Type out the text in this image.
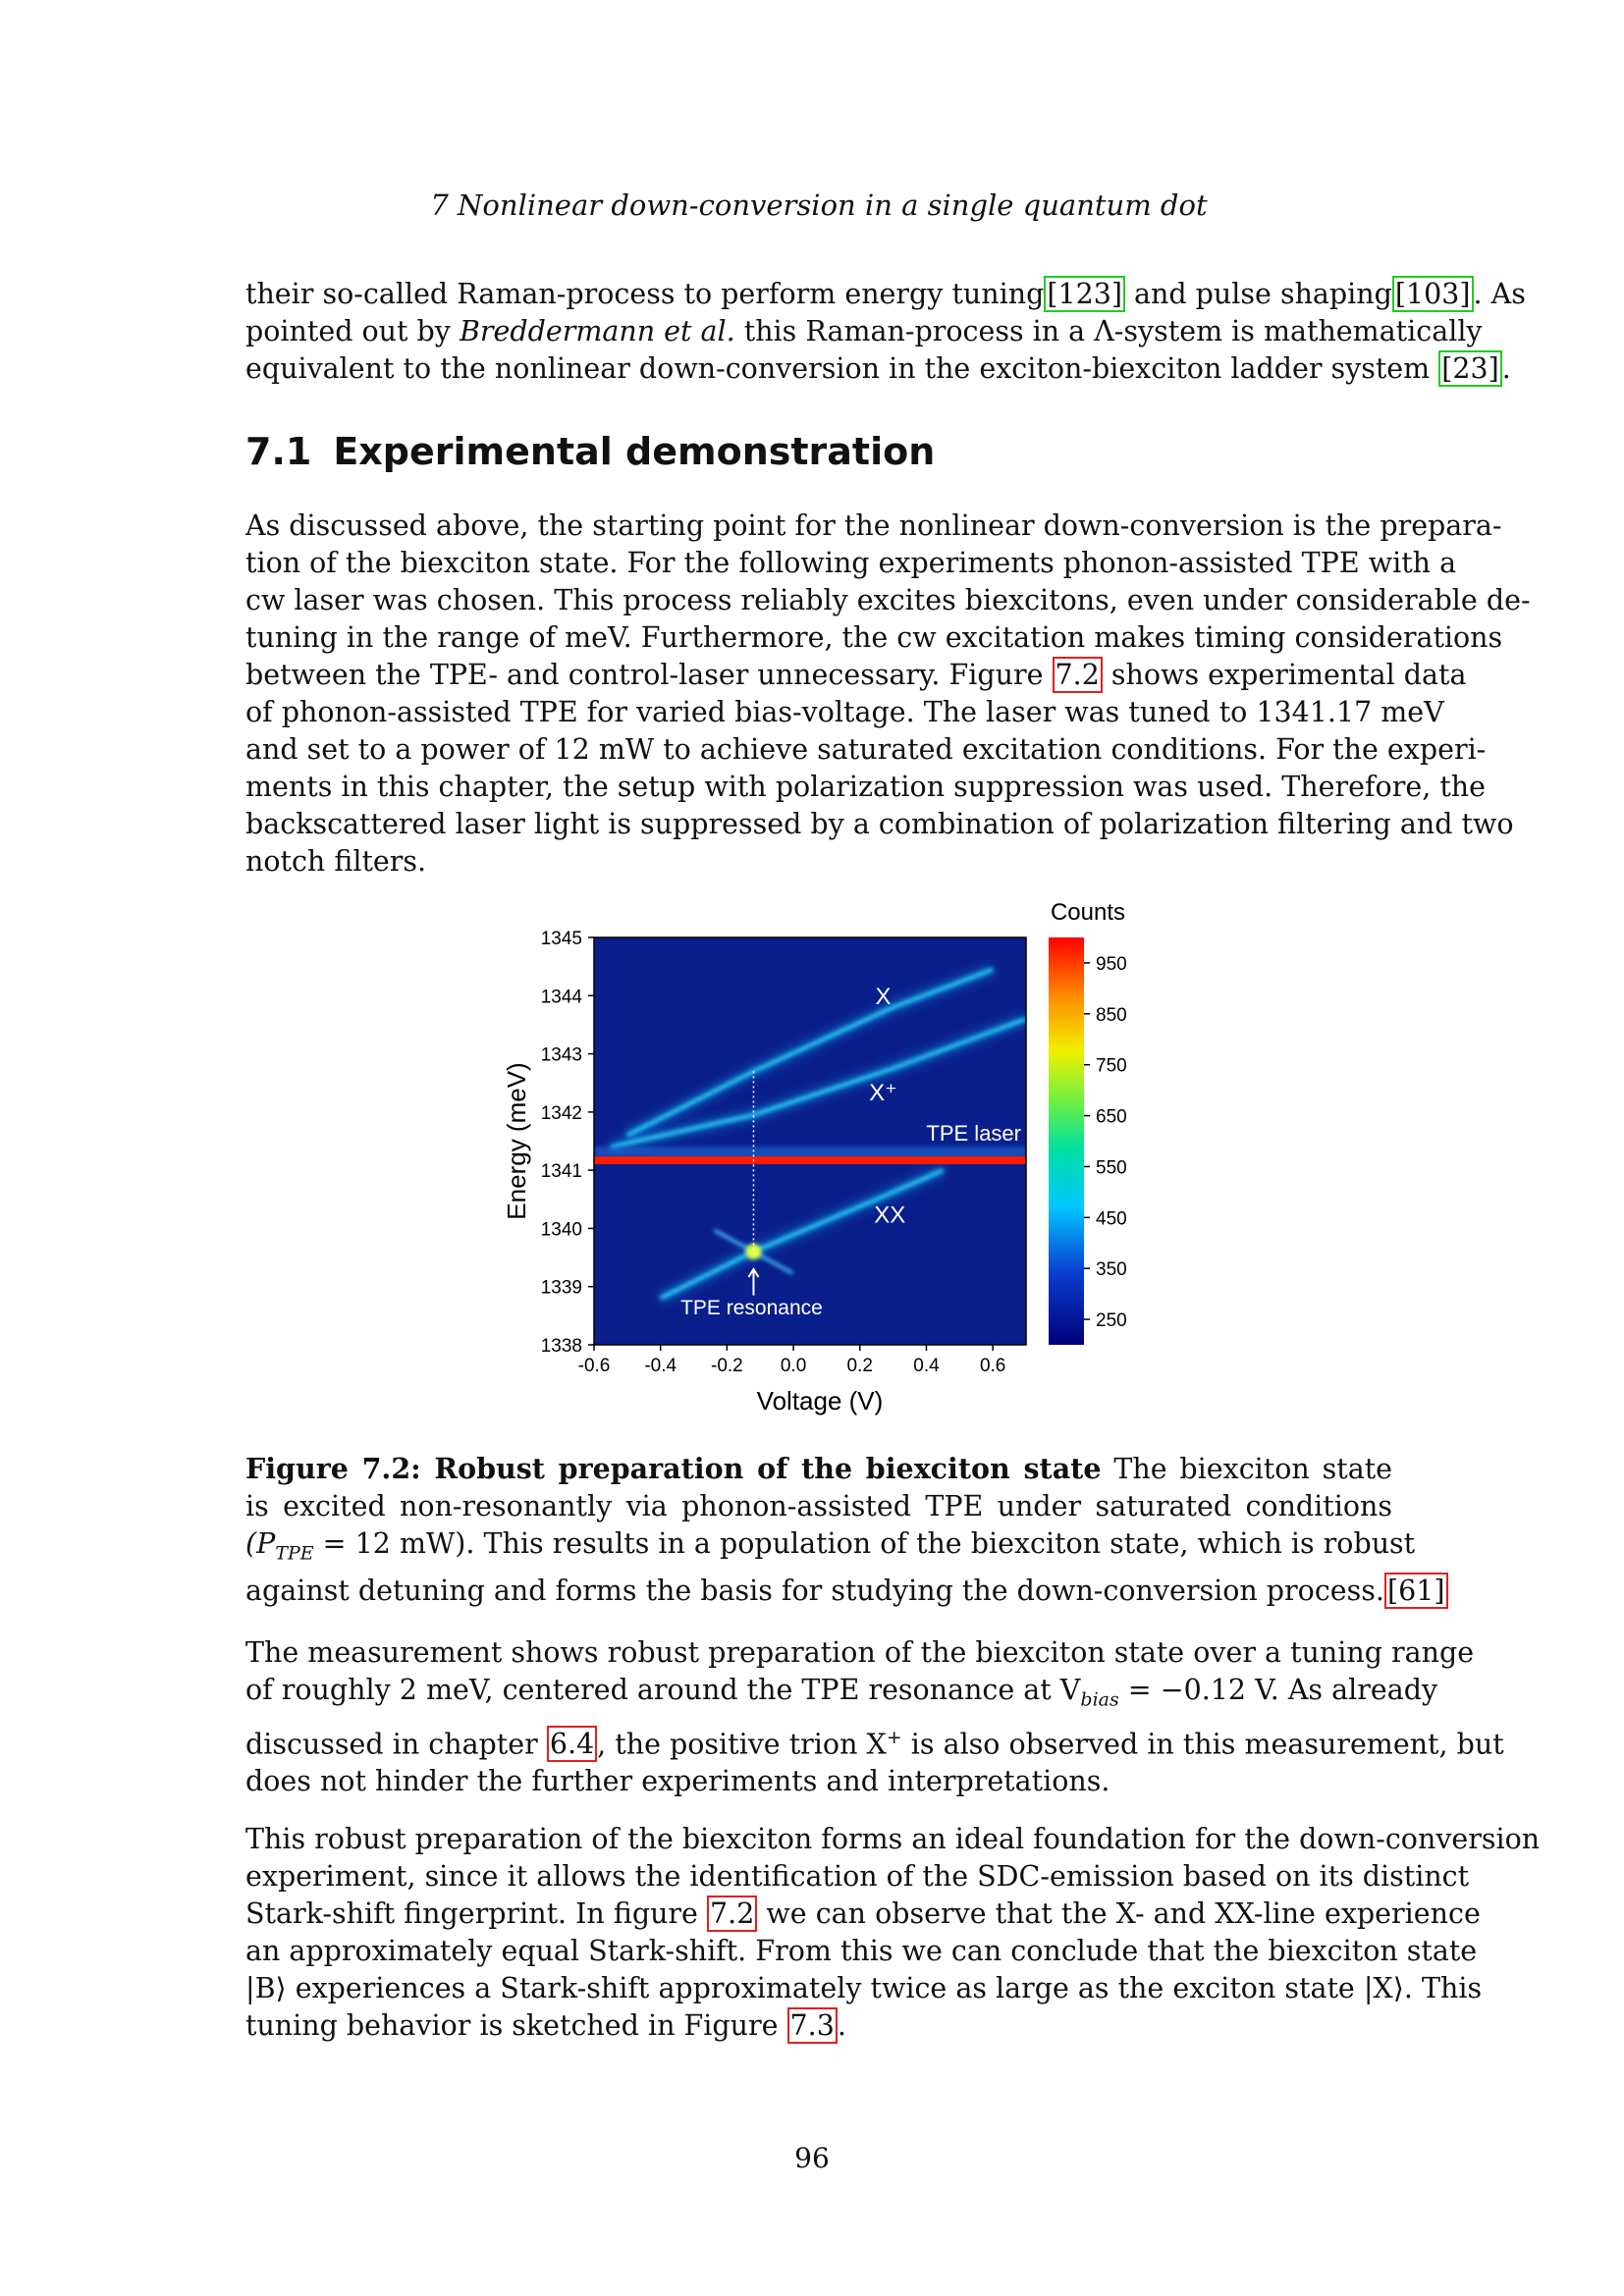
7 Nonlinear down-conversion in a single quantum dot
their so-called Raman-process to perform energy tuning [123] and pulse shaping [103] . As
pointed out by Breddermann et al. this Raman-process in a Λ-system is mathematically
equivalent to the nonlinear down-conversion in the exciton-biexciton ladder system [23] .
7.1 Experimental demonstration
As discussed above, the starting point for the nonlinear down-conversion is the prepara-
tion of the biexciton state. For the following experiments phonon-assisted TPE with a
cw laser was chosen. This process reliably excites biexcitons, even under considerable de-
tuning in the range of meV. Furthermore, the cw excitation makes timing considerations
between the TPE- and control-laser unnecessary. Figure 7.2 shows experimental data
of phonon-assisted TPE for varied bias-voltage. The laser was tuned to 1341.17 meV
and set to a power of 12 mW to achieve saturated excitation conditions. For the experi-
ments in this chapter, the setup with polarization suppression was used. Therefore, the
backscattered laser light is suppressed by a combination of polarization filtering and two
notch filters.
-0.6 -0.4 -0.2 0.0 0.2 0.4 0.6
1338
1339
1340
1341
1342
1343
1344
1345
Voltage (V)
Energy (meV)
X
X⁺
XX
TPE laser
TPE resonance
Counts
250
350
450
550
650
750
850
950
Figure 7.2: Robust preparation of the biexciton state The biexciton state
is excited non-resonantly via phonon-assisted TPE under saturated conditions
($P_{TPE} = 12$ mW). This results in a population of the biexciton state, which is robust
against detuning and forms the basis for studying the down-conversion process. [61]
The measurement shows robust preparation of the biexciton state over a tuning range
of roughly 2 meV, centered around the TPE resonance at $V_{bias} = -0.12$ V. As already
discussed in chapter 6.4 , the positive trion X+ is also observed in this measurement, but
does not hinder the further experiments and interpretations.
This robust preparation of the biexciton forms an ideal foundation for the down-conversion
experiment, since it allows the identification of the SDC-emission based on its distinct
Stark-shift fingerprint. In figure 7.2 we can observe that the X- and XX-line experience
an approximately equal Stark-shift. From this we can conclude that the biexciton state
|B⟩ experiences a Stark-shift approximately twice as large as the exciton state |X⟩. This
tuning behavior is sketched in Figure 7.3 .
96
